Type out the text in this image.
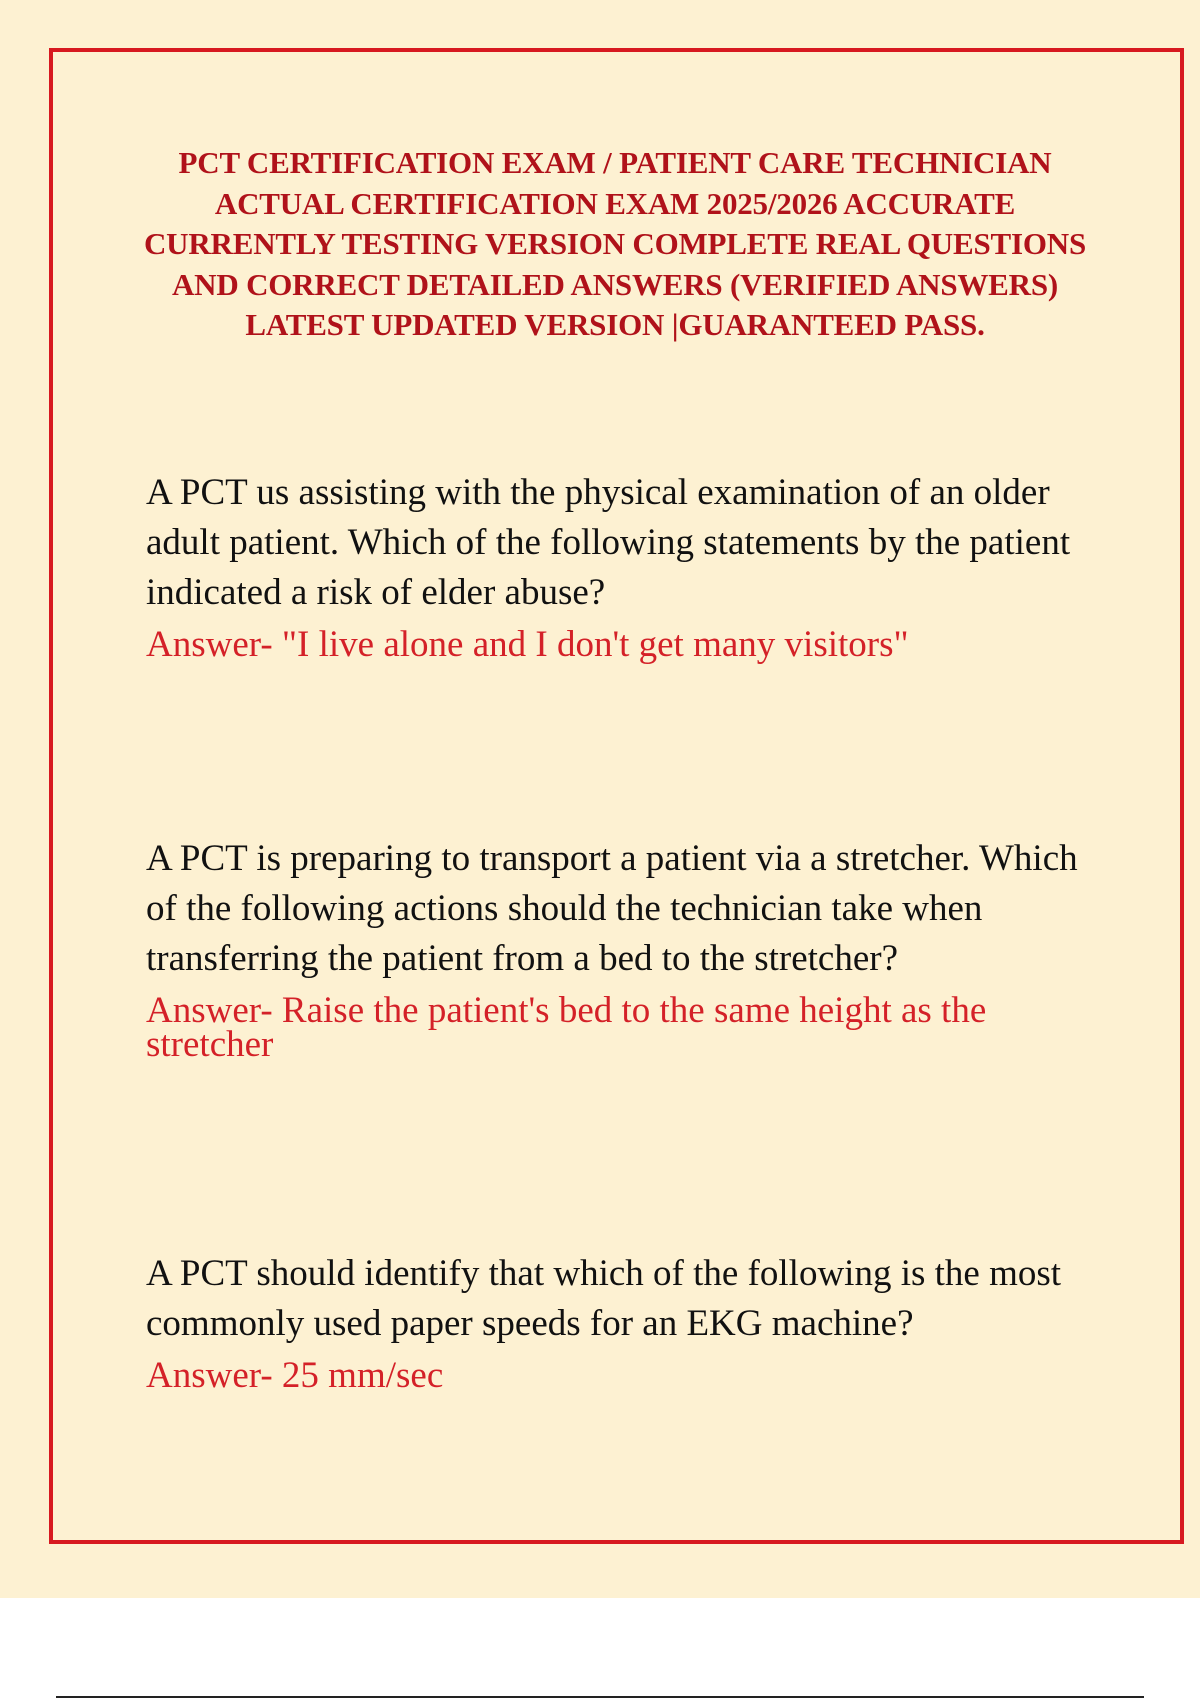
PCT CERTIFICATION EXAM / PATIENT CARE TECHNICIAN ACTUAL CERTIFICATION EXAM 2025/2026 ACCURATE CURRENTLY TESTING VERSION COMPLETE REAL QUESTIONS AND CORRECT DETAILED ANSWERS (VERIFIED ANSWERS) LATEST UPDATED VERSION |GUARANTEED PASS.

A PCT us assisting with the physical examination of an older adult patient. Which of the following statements by the patient indicated a risk of elder abuse?

Answer- "I live alone and I don't get many visitors"

A PCT is preparing to transport a patient via a stretcher. Which of the following actions should the technician take when transferring the patient from a bed to the stretcher?

Answer- Raise the patient's bed to the same height as the stretcher

A PCT should identify that which of the following is the most commonly used paper speeds for an EKG machine?

Answer- 25 mm/sec
